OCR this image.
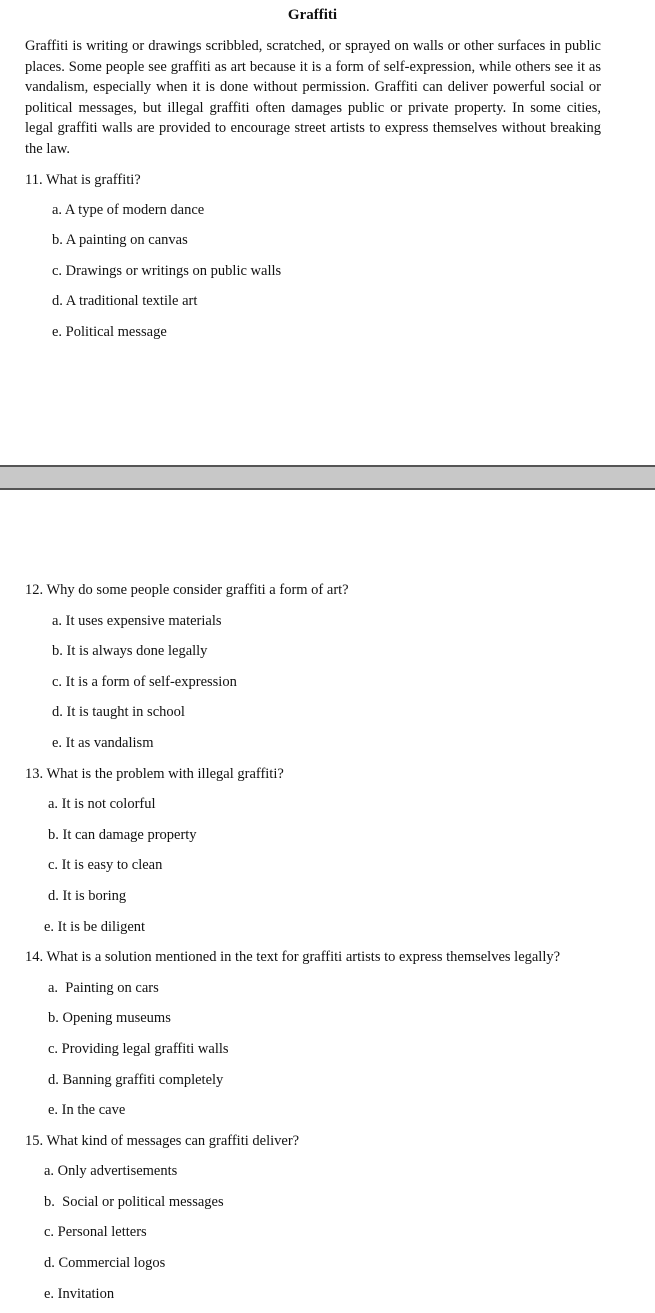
Graffiti

Graffiti is writing or drawings scribbled, scratched, or sprayed on walls or other surfaces in public places. Some people see graffiti as art because it is a form of self-expression, while others see it as vandalism, especially when it is done without permission. Graffiti can deliver powerful social or political messages, but illegal graffiti often damages public or private property. In some cities, legal graffiti walls are provided to encourage street artists to express themselves without breaking the law.

11. What is graffiti?
a. A type of modern dance
b. A painting on canvas
c. Drawings or writings on public walls
d. A traditional textile art
e. Political message
12. Why do some people consider graffiti a form of art?
a. It uses expensive materials
b. It is always done legally
c. It is a form of self-expression
d. It is taught in school
e. It as vandalism
13. What is the problem with illegal graffiti?
a. It is not colorful
b. It can damage property
c. It is easy to clean
d. It is boring
e. It is be diligent
14. What is a solution mentioned in the text for graffiti artists to express themselves legally?
a.  Painting on cars
b. Opening museums
c. Providing legal graffiti walls
d. Banning graffiti completely
e. In the cave
15. What kind of messages can graffiti deliver?
a. Only advertisements
b.  Social or political messages
c. Personal letters
d. Commercial logos
e. Invitation
